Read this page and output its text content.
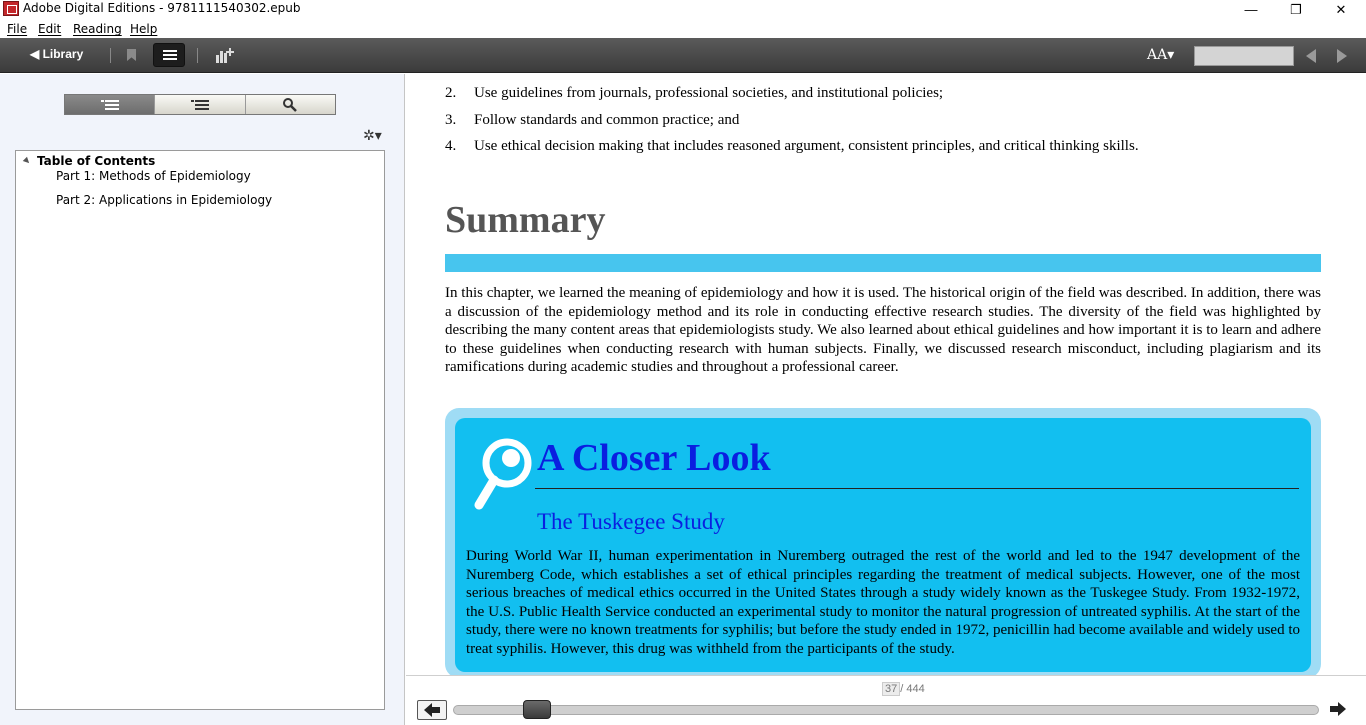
Adobe Digital Editions - 9781111540302.epub	—	❐	✕
File Edit Reading Help
◀ Library	AA▾
✲▾
Table of Contents
Part 1: Methods of Epidemiology
Part 2: Applications in Epidemiology
2. Use guidelines from journals, professional societies, and institutional policies;
3. Follow standards and common practice; and
4. Use ethical decision making that includes reasoned argument, consistent principles, and critical thinking skills.
Summary
In this chapter, we learned the meaning of epidemiology and how it is used. The historical origin of the field was described. In addition, there was a discussion of the epidemiology method and its role in conducting effective research studies. The diversity of the field was highlighted by describing the many content areas that epidemiologists study. We also learned about ethical guidelines and how important it is to learn and adhere to these guidelines when conducting research with human subjects. Finally, we discussed research misconduct, including plagiarism and its ramifications during academic studies and throughout a professional career.
A Closer Look
The Tuskegee Study
During World War II, human experimentation in Nuremberg outraged the rest of the world and led to the 1947 development of the Nuremberg Code, which establishes a set of ethical principles regarding the treatment of medical subjects. However, one of the most serious breaches of medical ethics occurred in the United States through a study widely known as the Tuskegee Study. From 1932-1972, the U.S. Public Health Service conducted an experimental study to monitor the natural progression of untreated syphilis. At the start of the study, there were no known treatments for syphilis; but before the study ended in 1972, penicillin had become available and widely used to treat syphilis. However, this drug was withheld from the participants of the study.
37 / 444
